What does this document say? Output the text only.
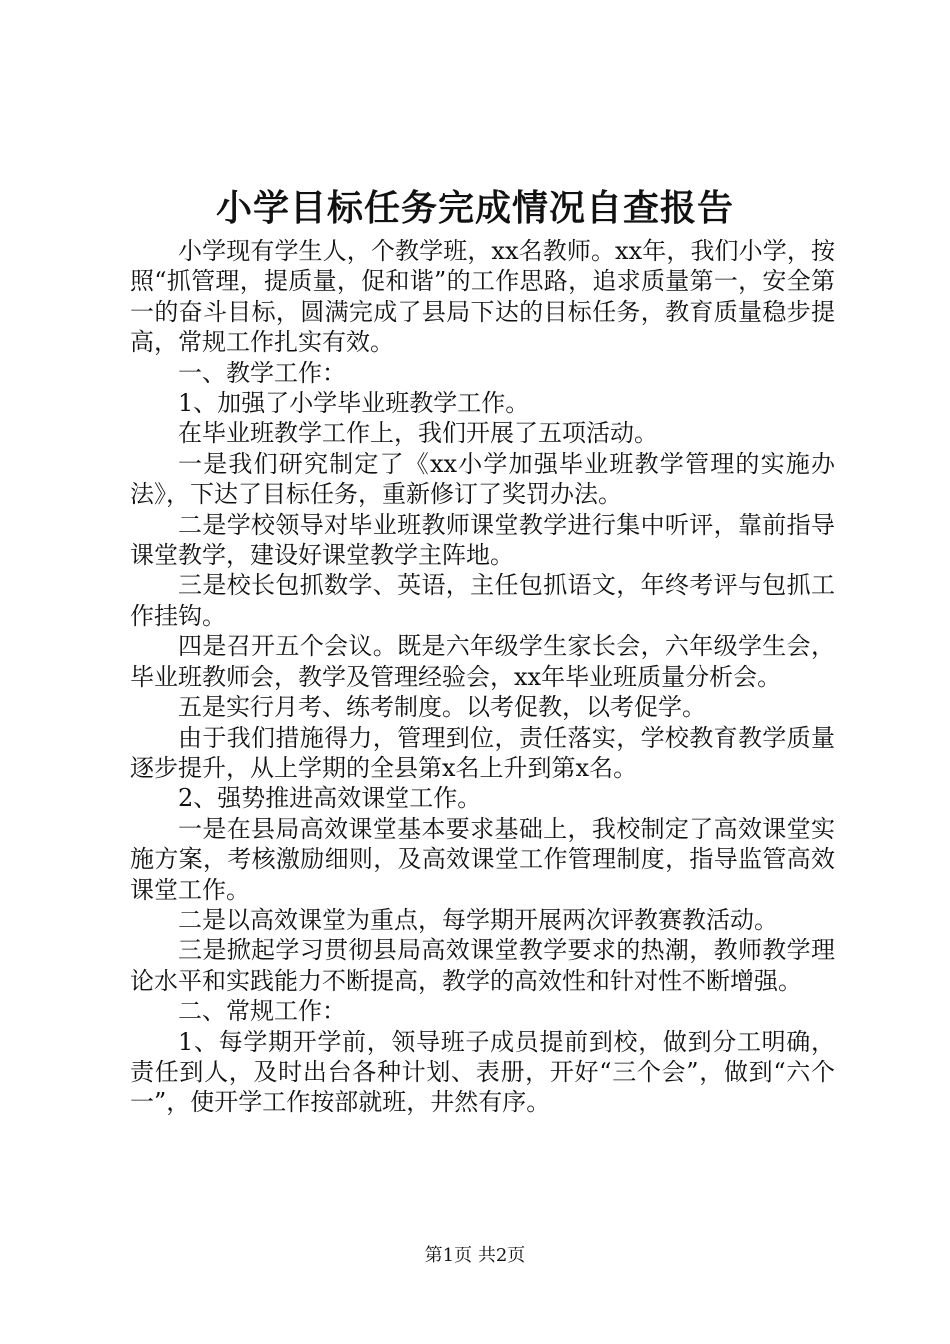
小学目标任务完成情况自查报告

小学现有学生人，个教学班，xx名教师。xx年，我们小学，按照“抓管理，提质量，促和谐”的工作思路，追求质量第一，安全第一的奋斗目标，圆满完成了县局下达的目标任务，教育质量稳步提高，常规工作扎实有效。

一、教学工作：

1、加强了小学毕业班教学工作。

在毕业班教学工作上，我们开展了五项活动。

一是我们研究制定了《xx小学加强毕业班教学管理的实施办法》，下达了目标任务，重新修订了奖罚办法。

二是学校领导对毕业班教师课堂教学进行集中听评，靠前指导课堂教学，建设好课堂教学主阵地。

三是校长包抓数学、英语，主任包抓语文，年终考评与包抓工作挂钩。

四是召开五个会议。既是六年级学生家长会，六年级学生会，毕业班教师会，教学及管理经验会，xx年毕业班质量分析会。

五是实行月考、练考制度。以考促教，以考促学。

由于我们措施得力，管理到位，责任落实，学校教育教学质量逐步提升，从上学期的全县第x名上升到第x名。

2、强势推进高效课堂工作。

一是在县局高效课堂基本要求基础上，我校制定了高效课堂实施方案，考核激励细则，及高效课堂工作管理制度，指导监管高效课堂工作。

二是以高效课堂为重点，每学期开展两次评教赛教活动。

三是掀起学习贯彻县局高效课堂教学要求的热潮，教师教学理论水平和实践能力不断提高，教学的高效性和针对性不断增强。

二、常规工作：

1、每学期开学前，领导班子成员提前到校，做到分工明确，责任到人，及时出台各种计划、表册，开好“三个会”，做到“六个一”，使开学工作按部就班，井然有序。

第1页 共2页
